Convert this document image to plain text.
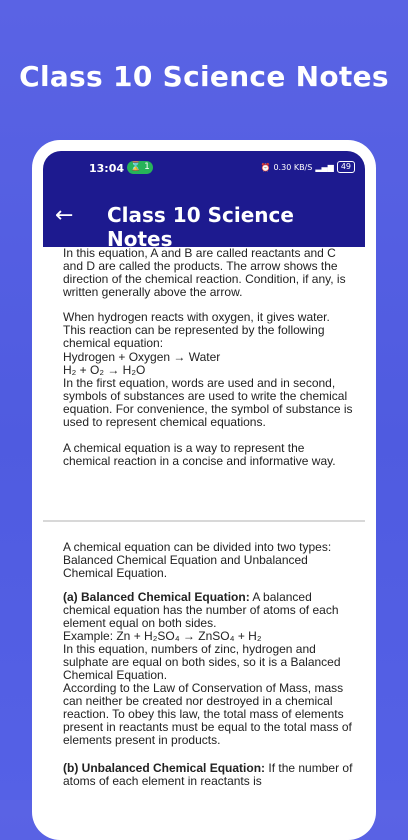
Class 10 Science Notes
13:04 ⌛ 1	⏰ 0.30 KB/S ▂▄▆ 49
←	Class 10 Science Notes

In this equation, A and B are called reactants and C and D are called the products. The arrow shows the direction of the chemical reaction. Condition, if any, is written generally above the arrow.

When hydrogen reacts with oxygen, it gives water. This reaction can be represented by the following chemical equation:

Hydrogen + Oxygen → Water

H₂ + O₂ → H₂O

In the first equation, words are used and in second, symbols of substances are used to write the chemical equation. For convenience, the symbol of substance is used to represent chemical equations.

A chemical equation is a way to represent the chemical reaction in a concise and informative way.

A chemical equation can be divided into two types: Balanced Chemical Equation and Unbalanced Chemical Equation.

(a) Balanced Chemical Equation: A balanced chemical equation has the number of atoms of each element equal on both sides.

Example: Zn + H₂SO₄ → ZnSO₄ + H₂

In this equation, numbers of zinc, hydrogen and sulphate are equal on both sides, so it is a Balanced Chemical Equation.

According to the Law of Conservation of Mass, mass can neither be created nor destroyed in a chemical reaction. To obey this law, the total mass of elements present in reactants must be equal to the total mass of elements present in products.

(b) Unbalanced Chemical Equation: If the number of atoms of each element in reactants is
